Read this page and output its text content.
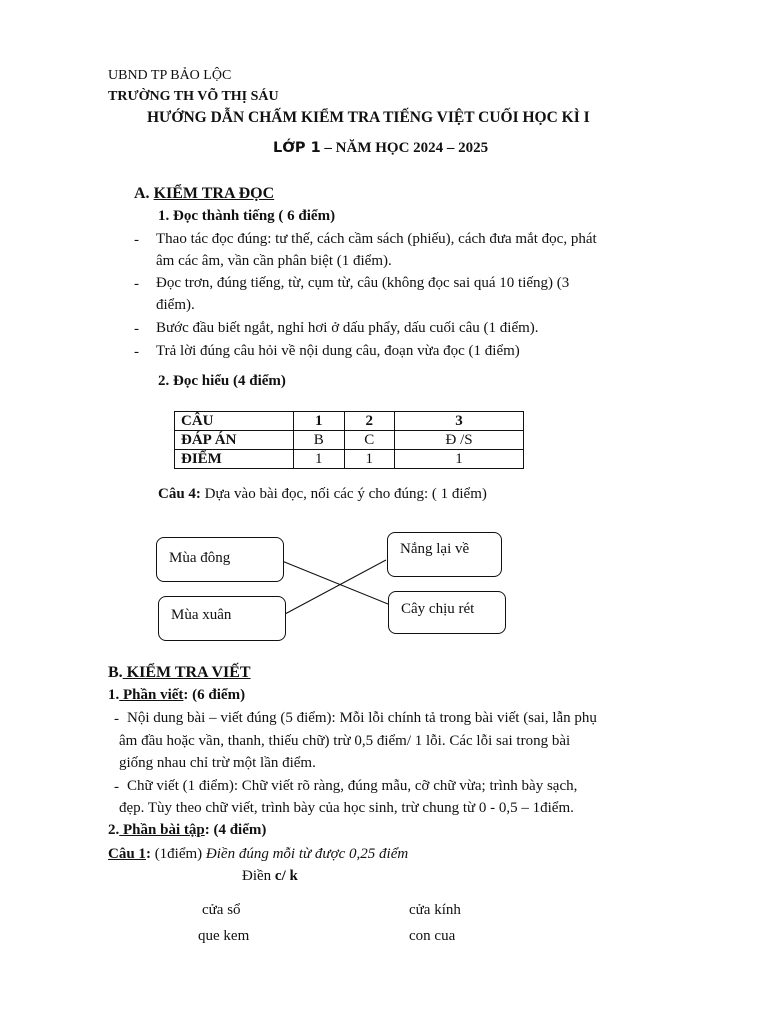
UBND TP BẢO LỘC
TRƯỜNG TH VÕ THỊ SÁU
HƯỚNG DẪN CHẤM KIỂM TRA TIẾNG VIỆT CUỐI HỌC KÌ I
LỚP 1 – NĂM HỌC 2024 – 2025
A. KIỂM TRA ĐỌC
1. Đọc thành tiếng ( 6 điểm)
- Thao tác đọc đúng: tư thế, cách cầm sách (phiếu), cách đưa mắt đọc, phát
âm các âm, vần cần phân biệt (1 điểm).
- Đọc trơn, đúng tiếng, từ, cụm từ, câu (không đọc sai quá 10 tiếng) (3
điểm).
- Bước đầu biết ngắt, nghỉ hơi ở dấu phẩy, dấu cuối câu (1 điểm).
- Trả lời đúng câu hỏi về nội dung câu, đoạn vừa đọc (1 điểm)
2. Đọc hiểu (4 điểm)
CÂU	1	2	3
ĐÁP ÁN	B	C	Đ /S
ĐIỂM	1	1	1
Câu 4: Dựa vào bài đọc, nối các ý cho đúng: ( 1 điểm)
Mùa đông
Mùa xuân
Nắng lại về
Cây chịu rét
B. KIỂM TRA VIẾT
1. Phần viết: (6 điểm)
- Nội dung bài – viết đúng (5 điểm): Mỗi lỗi chính tả trong bài viết (sai, lẫn phụ
âm đầu hoặc vần, thanh, thiếu chữ) trừ 0,5 điểm/ 1 lỗi. Các lỗi sai trong bài
giống nhau chỉ trừ một lần điểm.
- Chữ viết (1 điểm): Chữ viết rõ ràng, đúng mẫu, cỡ chữ vừa; trình bày sạch,
đẹp. Tùy theo chữ viết, trình bày của học sinh, trừ chung từ 0 - 0,5 – 1điểm.
2. Phần bài tập: (4 điểm)
Câu 1: (1điểm) Điền đúng mỗi từ được 0,25 điểm
Điền c/ k
cửa sổ	cửa kính
que kem	con cua
